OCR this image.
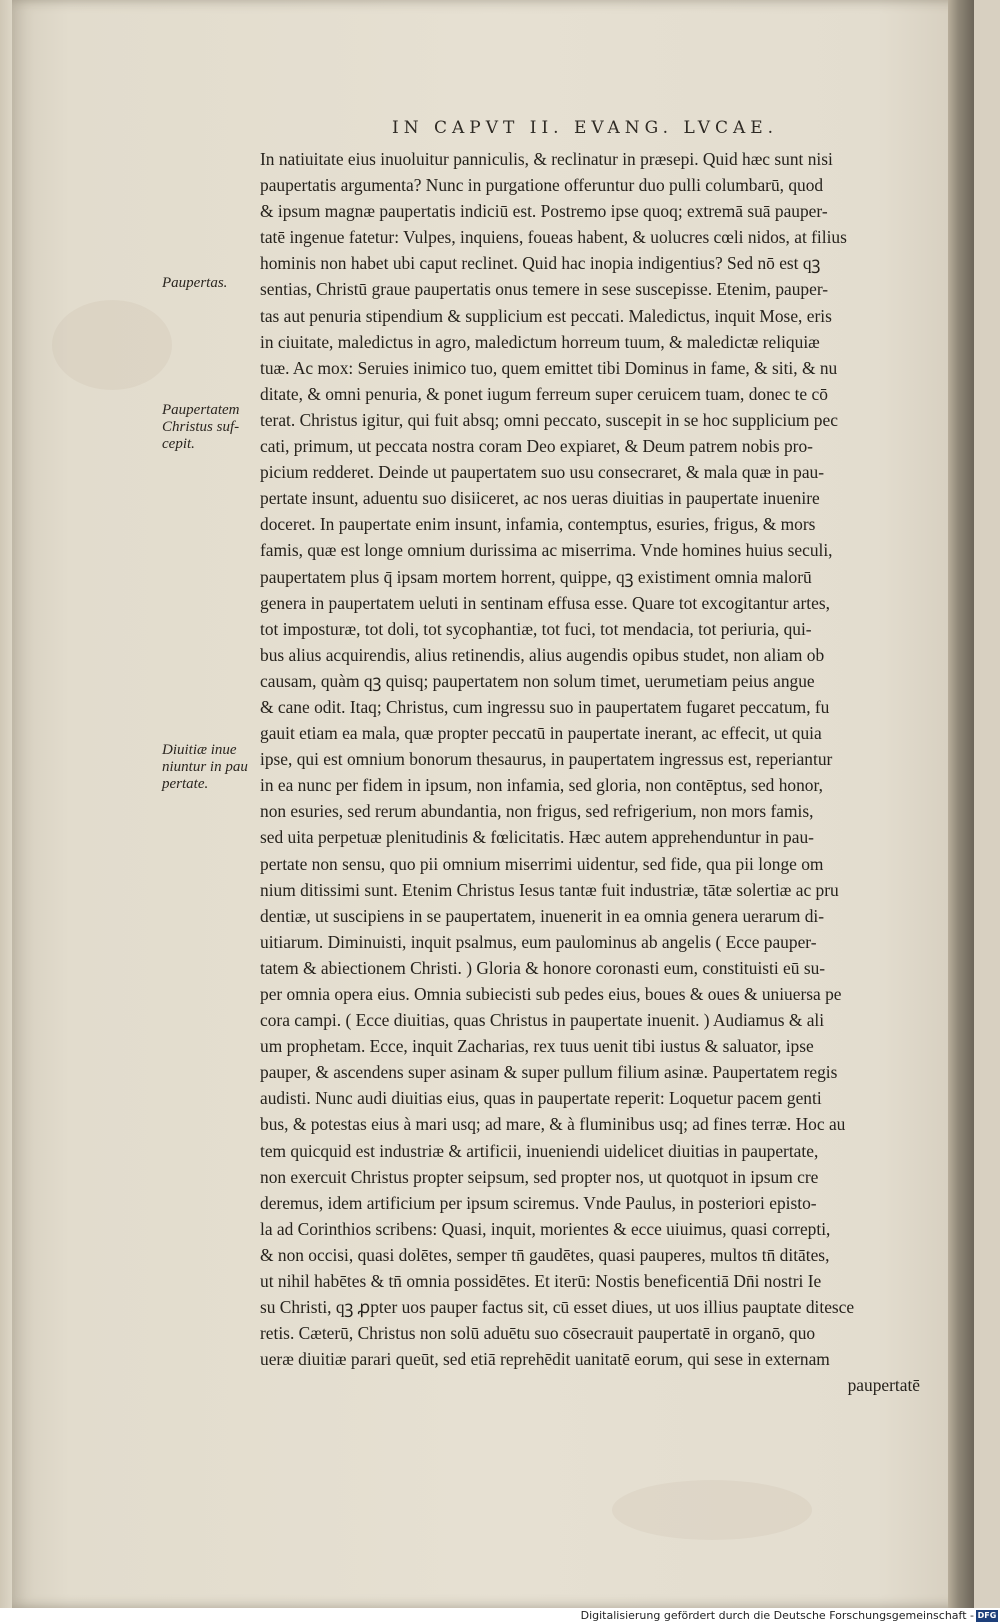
IN CAPVT II. EVANG. LVCAE.
Paupertas.
Paupertatem
Christus suf-
cepit.
Diuitiæ inue
niuntur in pau
pertate.
In natiuitate eius inuoluitur panniculis, & reclinatur in præsepi. Quid hæc sunt nisi
paupertatis argumenta? Nunc in purgatione offeruntur duo pulli columbarū, quod
& ipsum magnæ paupertatis indiciū est. Postremo ipse quoq; extremā suā pauper-
tatē ingenue fatetur: Vulpes, inquiens, foueas habent, & uolucres cœli nidos, at filius
hominis non habet ubi caput reclinet. Quid hac inopia indigentius? Sed nō est qꝫ
sentias, Christū graue paupertatis onus temere in sese suscepisse. Etenim, pauper-
tas aut penuria stipendium & supplicium est peccati. Maledictus, inquit Mose, eris
in ciuitate, maledictus in agro, maledictum horreum tuum, & maledictæ reliquiæ
tuæ. Ac mox: Seruies inimico tuo, quem emittet tibi Dominus in fame, & siti, & nu
ditate, & omni penuria, & ponet iugum ferreum super ceruicem tuam, donec te cō
terat. Christus igitur, qui fuit absq; omni peccato, suscepit in se hoc supplicium pec
cati, primum, ut peccata nostra coram Deo expiaret, & Deum patrem nobis pro-
picium redderet. Deinde ut paupertatem suo usu consecraret, & mala quæ in pau-
pertate insunt, aduentu suo disiiceret, ac nos ueras diuitias in paupertate inuenire
doceret. In paupertate enim insunt, infamia, contemptus, esuries, frigus, & mors
famis, quæ est longe omnium durissima ac miserrima. Vnde homines huius seculi,
paupertatem plus q̄ ipsam mortem horrent, quippe, qꝫ existiment omnia malorū
genera in paupertatem ueluti in sentinam effusa esse. Quare tot excogitantur artes,
tot imposturæ, tot doli, tot sycophantiæ, tot fuci, tot mendacia, tot periuria, qui-
bus alius acquirendis, alius retinendis, alius augendis opibus studet, non aliam ob
causam, quàm qꝫ quisq; paupertatem non solum timet, uerumetiam peius angue
& cane odit. Itaq; Christus, cum ingressu suo in paupertatem fugaret peccatum, fu
gauit etiam ea mala, quæ propter peccatū in paupertate inerant, ac effecit, ut quia
ipse, qui est omnium bonorum thesaurus, in paupertatem ingressus est, reperiantur
in ea nunc per fidem in ipsum, non infamia, sed gloria, non contēptus, sed honor,
non esuries, sed rerum abundantia, non frigus, sed refrigerium, non mors famis,
sed uita perpetuæ plenitudinis & fœlicitatis. Hæc autem apprehenduntur in pau-
pertate non sensu, quo pii omnium miserrimi uidentur, sed fide, qua pii longe om
nium ditissimi sunt. Etenim Christus Iesus tantæ fuit industriæ, tātæ solertiæ ac pru
dentiæ, ut suscipiens in se paupertatem, inuenerit in ea omnia genera uerarum di-
uitiarum. Diminuisti, inquit psalmus, eum paulominus ab angelis ( Ecce pauper-
tatem & abiectionem Christi. ) Gloria & honore coronasti eum, constituisti eū su-
per omnia opera eius. Omnia subiecisti sub pedes eius, boues & oues & uniuersa pe
cora campi. ( Ecce diuitias, quas Christus in paupertate inuenit. ) Audiamus & ali
um prophetam. Ecce, inquit Zacharias, rex tuus uenit tibi iustus & saluator, ipse
pauper, & ascendens super asinam & super pullum filium asinæ. Paupertatem regis
audisti. Nunc audi diuitias eius, quas in paupertate reperit: Loquetur pacem genti
bus, & potestas eius à mari usq; ad mare, & à fluminibus usq; ad fines terræ. Hoc au
tem quicquid est industriæ & artificii, inueniendi uidelicet diuitias in paupertate,
non exercuit Christus propter seipsum, sed propter nos, ut quotquot in ipsum cre
deremus, idem artificium per ipsum sciremus. Vnde Paulus, in posteriori episto-
la ad Corinthios scribens: Quasi, inquit, morientes & ecce uiuimus, quasi correpti,
& non occisi, quasi dolētes, semper tn̄ gaudētes, quasi pauperes, multos tn̄ ditātes,
ut nihil habētes & tn̄ omnia possidētes. Et iterū: Nostis beneficentiā Dn̄i nostri Ie
su Christi, qꝫ ꝓpter uos pauper factus sit, cū esset diues, ut uos illius pauptate ditesce
retis. Cæterū, Christus non solū aduētu suo cōsecrauit paupertatē in organō, quo
ueræ diuitiæ parari queūt, sed etiā reprehēdit uanitatē eorum, qui sese in externam
paupertatē
Digitalisierung gefördert durch die Deutsche Forschungsgemeinschaft - DFG
